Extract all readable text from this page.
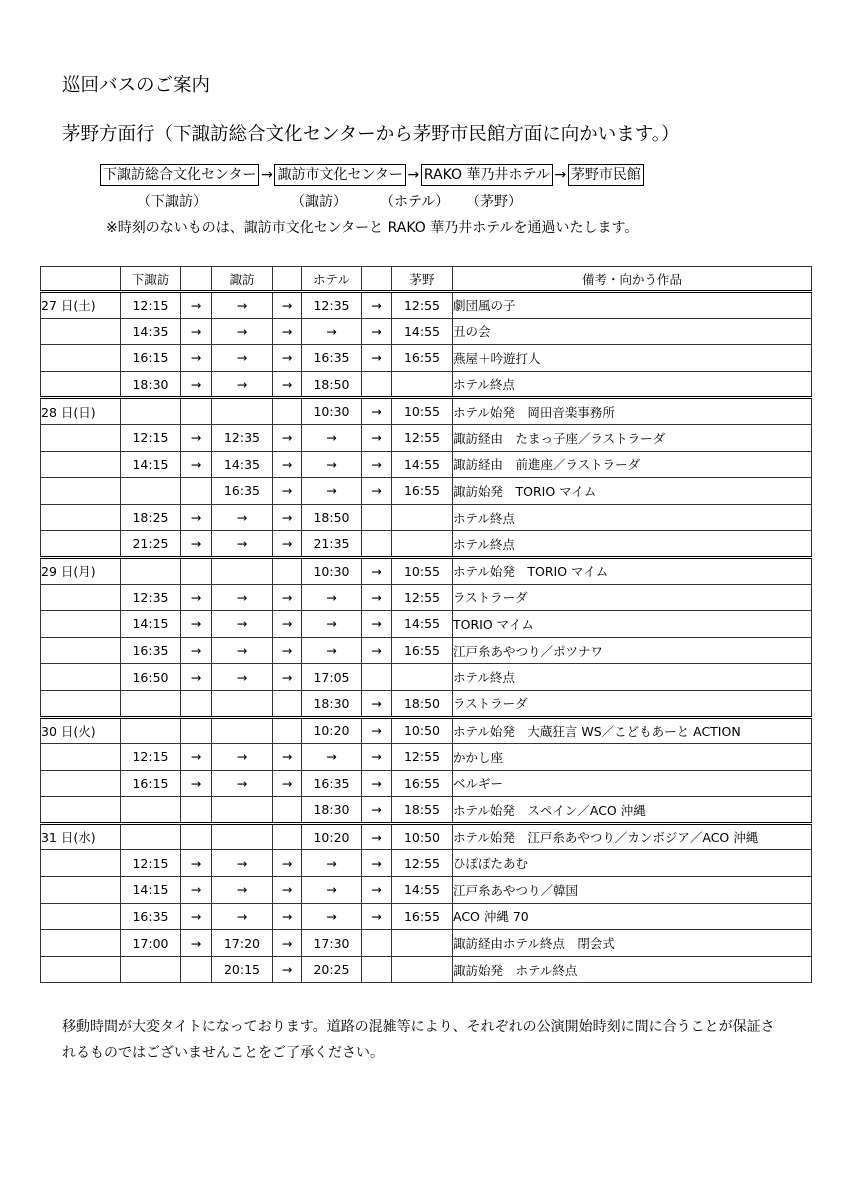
巡回バスのご案内
茅野方面行（下諏訪総合文化センターから茅野市民館方面に向かいます。）
下諏訪総合文化センター → 諏訪市文化センター → RAKO 華乃井ホテル → 茅野市民館
（下諏訪）	（諏訪） （ホテル） （茅野）
※時刻のないものは、諏訪市文化センターと RAKO 華乃井ホテルを通過いたします。
	下諏訪		諏訪		ホテル		茅野	備考・向かう作品
27 日(土)	12:15	→	→	→	12:35	→	12:55	劇団風の子
	14:35	→	→	→	→	→	14:55	丑の会
	16:15	→	→	→	16:35	→	16:55	燕屋＋吟遊打人
	18:30	→	→	→	18:50			ホテル終点
28 日(日)					10:30	→	10:55	ホテル始発　岡田音楽事務所
	12:15	→	12:35	→	→	→	12:55	諏訪経由　たまっ子座／ラストラーダ
	14:15	→	14:35	→	→	→	14:55	諏訪経由　前進座／ラストラーダ
			16:35	→	→	→	16:55	諏訪始発　TORIO マイム
	18:25	→	→	→	18:50			ホテル終点
	21:25	→	→	→	21:35			ホテル終点
29 日(月)					10:30	→	10:55	ホテル始発　TORIO マイム
	12:35	→	→	→	→	→	12:55	ラストラーダ
	14:15	→	→	→	→	→	14:55	TORIO マイム
	16:35	→	→	→	→	→	16:55	江戸糸あやつり／ポツナワ
	16:50	→	→	→	17:05			ホテル終点
					18:30	→	18:50	ラストラーダ
30 日(火)					10:20	→	10:50	ホテル始発　大蔵狂言 WS／こどもあーと ACTION
	12:15	→	→	→	→	→	12:55	かかし座
	16:15	→	→	→	16:35	→	16:55	ベルギー
					18:30	→	18:55	ホテル始発　スペイン／ACO 沖縄
31 日(水)					10:20	→	10:50	ホテル始発　江戸糸あやつり／カンボジア／ACO 沖縄
	12:15	→	→	→	→	→	12:55	ひぽぽたあむ
	14:15	→	→	→	→	→	14:55	江戸糸あやつり／韓国
	16:35	→	→	→	→	→	16:55	ACO 沖縄 70
	17:00	→	17:20	→	17:30			諏訪経由ホテル終点　閉会式
			20:15	→	20:25			諏訪始発　ホテル終点
移動時間が大変タイトになっております。道路の混雑等により、それぞれの公演開始時刻に間に合うことが保証されるものではございませんことをご了承ください。
